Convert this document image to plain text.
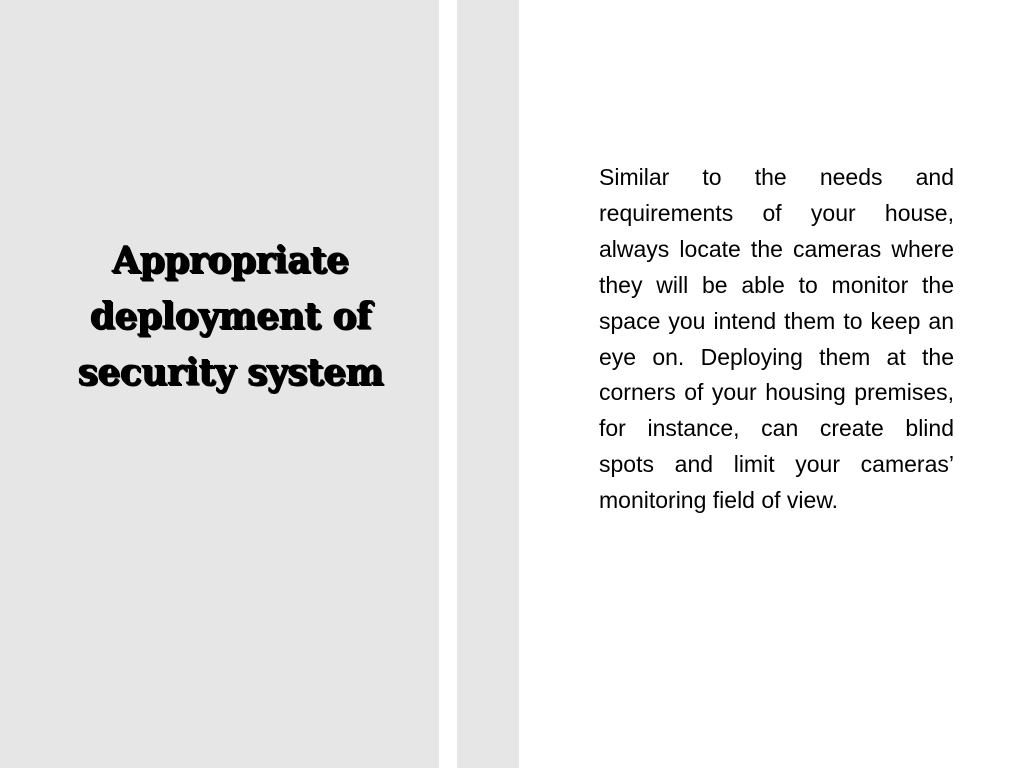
Appropriate deployment of security system

Similar to the needs and requirements of your house, always locate the cameras where they will be able to monitor the space you intend them to keep an eye on. Deploying them at the corners of your housing premises, for instance, can create blind spots and limit your cameras’ monitoring field of view.
